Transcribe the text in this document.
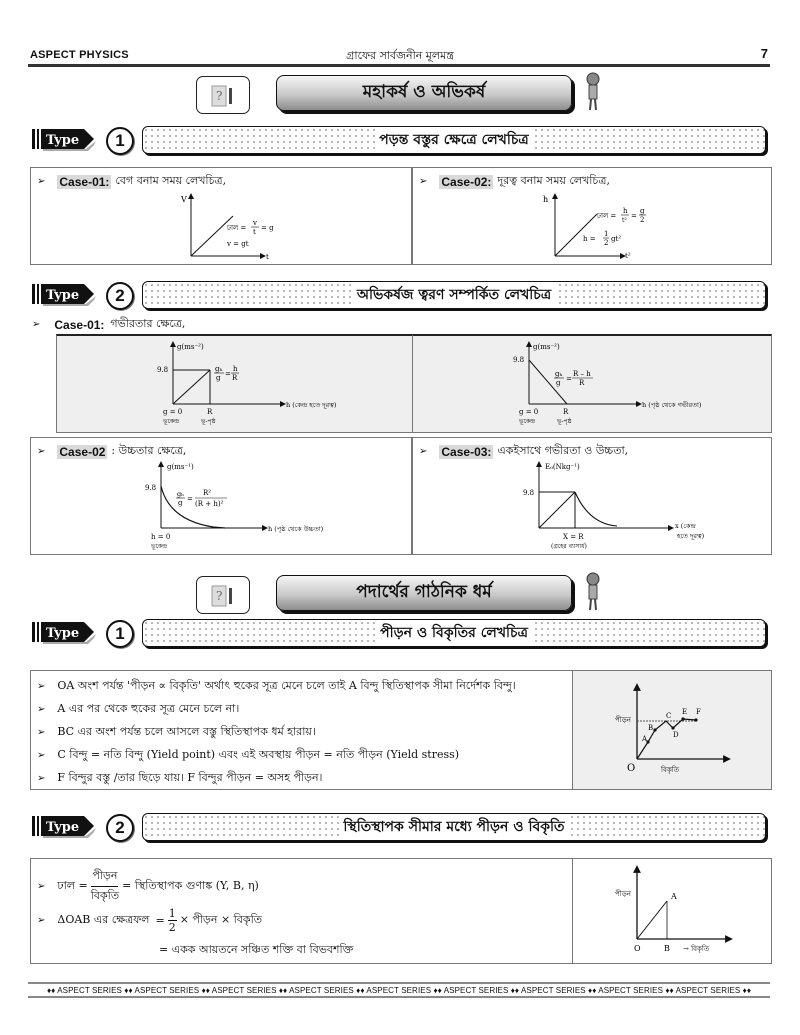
ASPECT PHYSICS	গ্রাফের সার্বজনীন মূলমন্ত্র	7
?	মহাকর্ষ ও অভিকর্ষ
Type	1	পড়ন্ত বস্তুর ক্ষেত্রে লেখচিত্র
➢ Case-01: বেগ বনাম সময় লেখচিত্র,
V
t
ঢাল =
v
t = g
v = gt
➢ Case-02: দূরত্ব বনাম সময় লেখচিত্র,
h
t²
ঢাল =
h
t²
=
g
2
h =
1
2 gt²
Type	2	অভিকর্ষজ ত্বরণ সম্পর্কিত লেখচিত্র
➢ Case-01: গভীরতার ক্ষেত্রে,
g(ms⁻²)
9.8
h (কেন্দ্র হতে দূরত্ব)
g = 0
ভূকেন্দ্র
R
ভূ-পৃষ্ঠ
gₕ
g =
h
R
g(ms⁻²)
9.8
h (পৃষ্ঠ থেকে গভীরতা)
g = 0
ভূকেন্দ্র
R
ভূ-পৃষ্ঠ
gₕ
g =
R – h
R
➢ Case-02 : উচ্চতার ক্ষেত্রে,
g(ms⁻¹)
9.8
h (পৃষ্ঠ থেকে উচ্চতা)
h = 0
ভূকেন্দ্র
gₕ
g =
R²
(R + h)²
➢ Case-03: একইসাথে গভীরতা ও উচ্চতা,
E₀(Nkg⁻¹)
9.8
x (কেন্দ্র
হতে দূরত্ব)
X = R
(গ্রহের ব্যাসার্ধ)
?	পদার্থের গাঠনিক ধর্ম
Type	1	পীড়ন ও বিকৃতির লেখচিত্র
➢ OA অংশ পর্যন্ত 'পীড়ন ∝ বিকৃতি' অর্থাৎ হুকের সূত্র মেনে চলে তাই A বিন্দু স্থিতিস্থাপক সীমা নির্দেশক বিন্দু।
➢ A এর পর থেকে হুকের সূত্র মেনে চলে না।
➢ BC এর অংশ পর্যন্ত চলে আসলে বস্তু স্থিতিস্থাপক ধর্ম হারায়।
➢ C বিন্দু = নতি বিন্দু (Yield point) এবং এই অবস্থায় পীড়ন = নতি পীড়ন (Yield stress)
➢ F বিন্দুর বস্তু /তার ছিড়ে যায়। F বিন্দুর পীড়ন = অসহ পীড়ন।
পীড়ন
বিকৃতি
O
A
B
C
D
E F
Type	2	স্থিতিস্থাপক সীমার মধ্যে পীড়ন ও বিকৃতি
➢ ঢাল =
পীড়ন
বিকৃতি
= স্থিতিস্থাপক গুণাঙ্ক (Y, B, η)
➢ ΔOAB এর ক্ষেত্রফল = $\frac{1}{2}$ × পীড়ন × বিকৃতি
= একক আয়তনে সঞ্চিত শক্তি বা বিভবশক্তি
পীড়ন	A
O	B → বিকৃতি
♦♦ ASPECT SERIES ♦♦ ASPECT SERIES ♦♦ ASPECT SERIES ♦♦ ASPECT SERIES ♦♦ ASPECT SERIES ♦♦ ASPECT SERIES ♦♦ ASPECT SERIES ♦♦ ASPECT SERIES ♦♦ ASPECT SERIES ♦♦
